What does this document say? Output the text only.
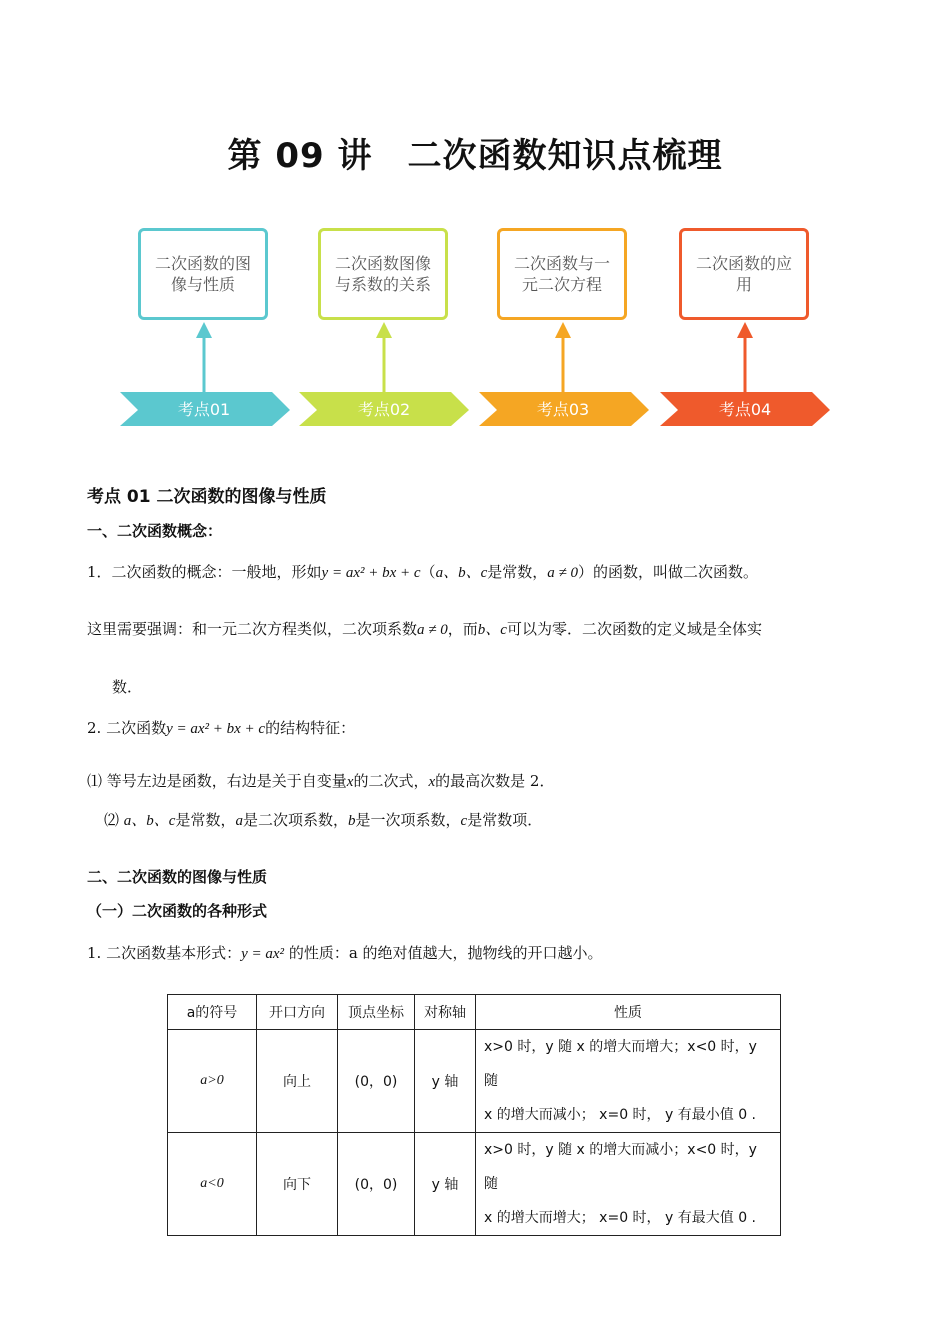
第 09 讲　二次函数知识点梳理
二次函数的图像与性质
二次函数图像与系数的关系
二次函数与一元二次方程
二次函数的应用
考点01	考点02	考点03	考点04
考点 01 二次函数的图像与性质
一、二次函数概念：
1．二次函数的概念：一般地，形如y = ax² + bx + c（a、b、c是常数，a ≠ 0）的函数，叫做二次函数。
这里需要强调：和一元二次方程类似，二次项系数a ≠ 0，而b、c可以为零．二次函数的定义域是全体实
数．
2. 二次函数y = ax² + bx + c的结构特征：
⑴ 等号左边是函数，右边是关于自变量x的二次式，x的最高次数是 2．
⑵ a、b、c是常数，a是二次项系数，b是一次项系数，c是常数项．
二、二次函数的图像与性质
（一）二次函数的各种形式
1. 二次函数基本形式：y = ax² 的性质：a 的绝对值越大，抛物线的开口越小。
a的符号	开口方向	顶点坐标	对称轴	性质
a>0	向上	(0，0)	y 轴	x>0 时，y 随 x 的增大而增大；x<0 时，y 随
x 的增大而减小； x=0 时， y 有最小值 0 .

a<0	向下	(0，0)	y 轴	x>0 时，y 随 x 的增大而减小；x<0 时，y 随
x 的增大而增大； x=0 时， y 有最大值 0 .
